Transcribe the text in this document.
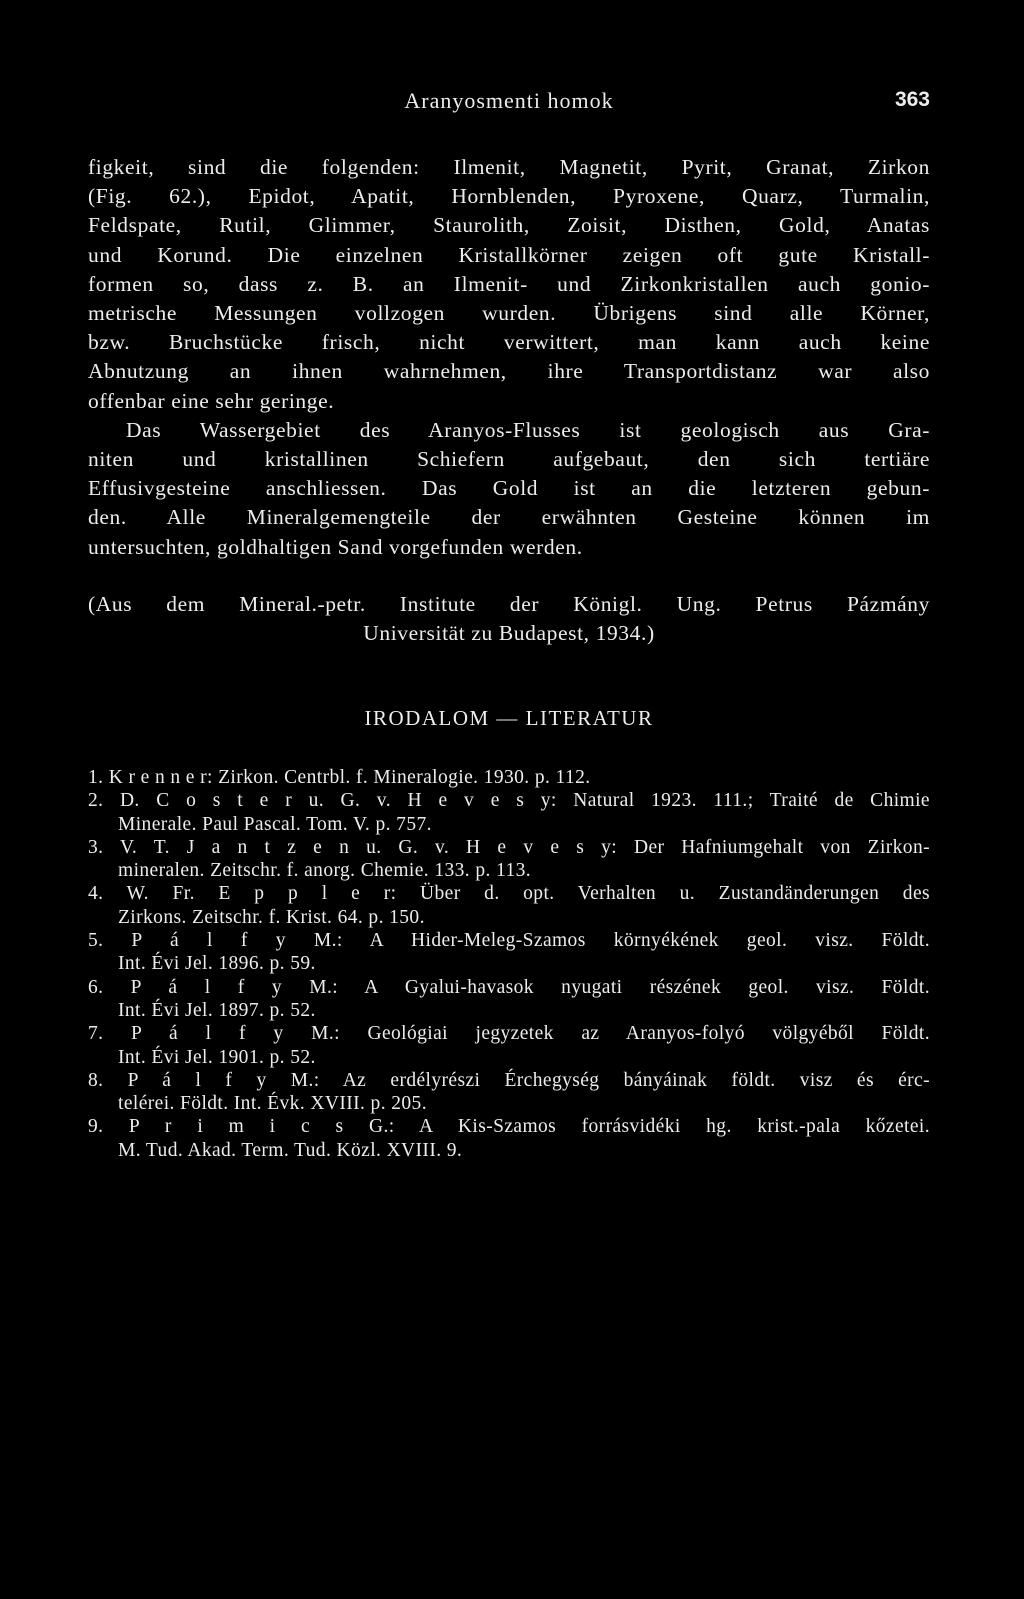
Aranyosmenti homok	363
figkeit, sind die folgenden: Ilmenit, Magnetit, Pyrit, Granat, Zirkon
(Fig. 62.), Epidot, Apatit, Hornblenden, Pyroxene, Quarz, Turmalin,
Feldspate, Rutil, Glimmer, Staurolith, Zoisit, Disthen, Gold, Anatas
und Korund. Die einzelnen Kristallkörner zeigen oft gute Kristall-
formen so, dass z. B. an Ilmenit- und Zirkonkristallen auch gonio-
metrische Messungen vollzogen wurden. Übrigens sind alle Körner,
bzw. Bruchstücke frisch, nicht verwittert, man kann auch keine
Abnutzung an ihnen wahrnehmen, ihre Transportdistanz war also
offenbar eine sehr geringe.
Das Wassergebiet des Aranyos-Flusses ist geologisch aus Gra-
niten und kristallinen Schiefern aufgebaut, den sich tertiäre
Effusivgesteine anschliessen. Das Gold ist an die letzteren gebun-
den. Alle Mineralgemengteile der erwähnten Gesteine können im
untersuchten, goldhaltigen Sand vorgefunden werden.
(Aus dem Mineral.-petr. Institute der Königl. Ung. Petrus Pázmány
Universität zu Budapest, 1934.)
IRODALOM — LITERATUR
1. K r e n n e r: Zirkon. Centrbl. f. Mineralogie. 1930. p. 112.
2. D. C o s t e r u. G. v. H e v e s y: Natural 1923. 111.; Traité de Chimie
Minerale. Paul Pascal. Tom. V. p. 757.
3. V. T. J a n t z e n u. G. v. H e v e s y: Der Hafniumgehalt von Zirkon-
mineralen. Zeitschr. f. anorg. Chemie. 133. p. 113.
4. W. Fr. E p p l e r: Über d. opt. Verhalten u. Zustandänderungen des
Zirkons. Zeitschr. f. Krist. 64. p. 150.
5. P á l f y M.: A Hider-Meleg-Szamos környékének geol. visz. Földt.
Int. Évi Jel. 1896. p. 59.
6. P á l f y M.: A Gyalui-havasok nyugati részének geol. visz. Földt.
Int. Évi Jel. 1897. p. 52.
7. P á l f y M.: Geológiai jegyzetek az Aranyos-folyó völgyéből Földt.
Int. Évi Jel. 1901. p. 52.
8. P á l f y M.: Az erdélyrészi Érchegység bányáinak földt. visz és érc-
telérei. Földt. Int. Évk. XVIII. p. 205.
9. P r i m i c s G.: A Kis-Szamos forrásvidéki hg. krist.-pala kőzetei.
M. Tud. Akad. Term. Tud. Közl. XVIII. 9.
